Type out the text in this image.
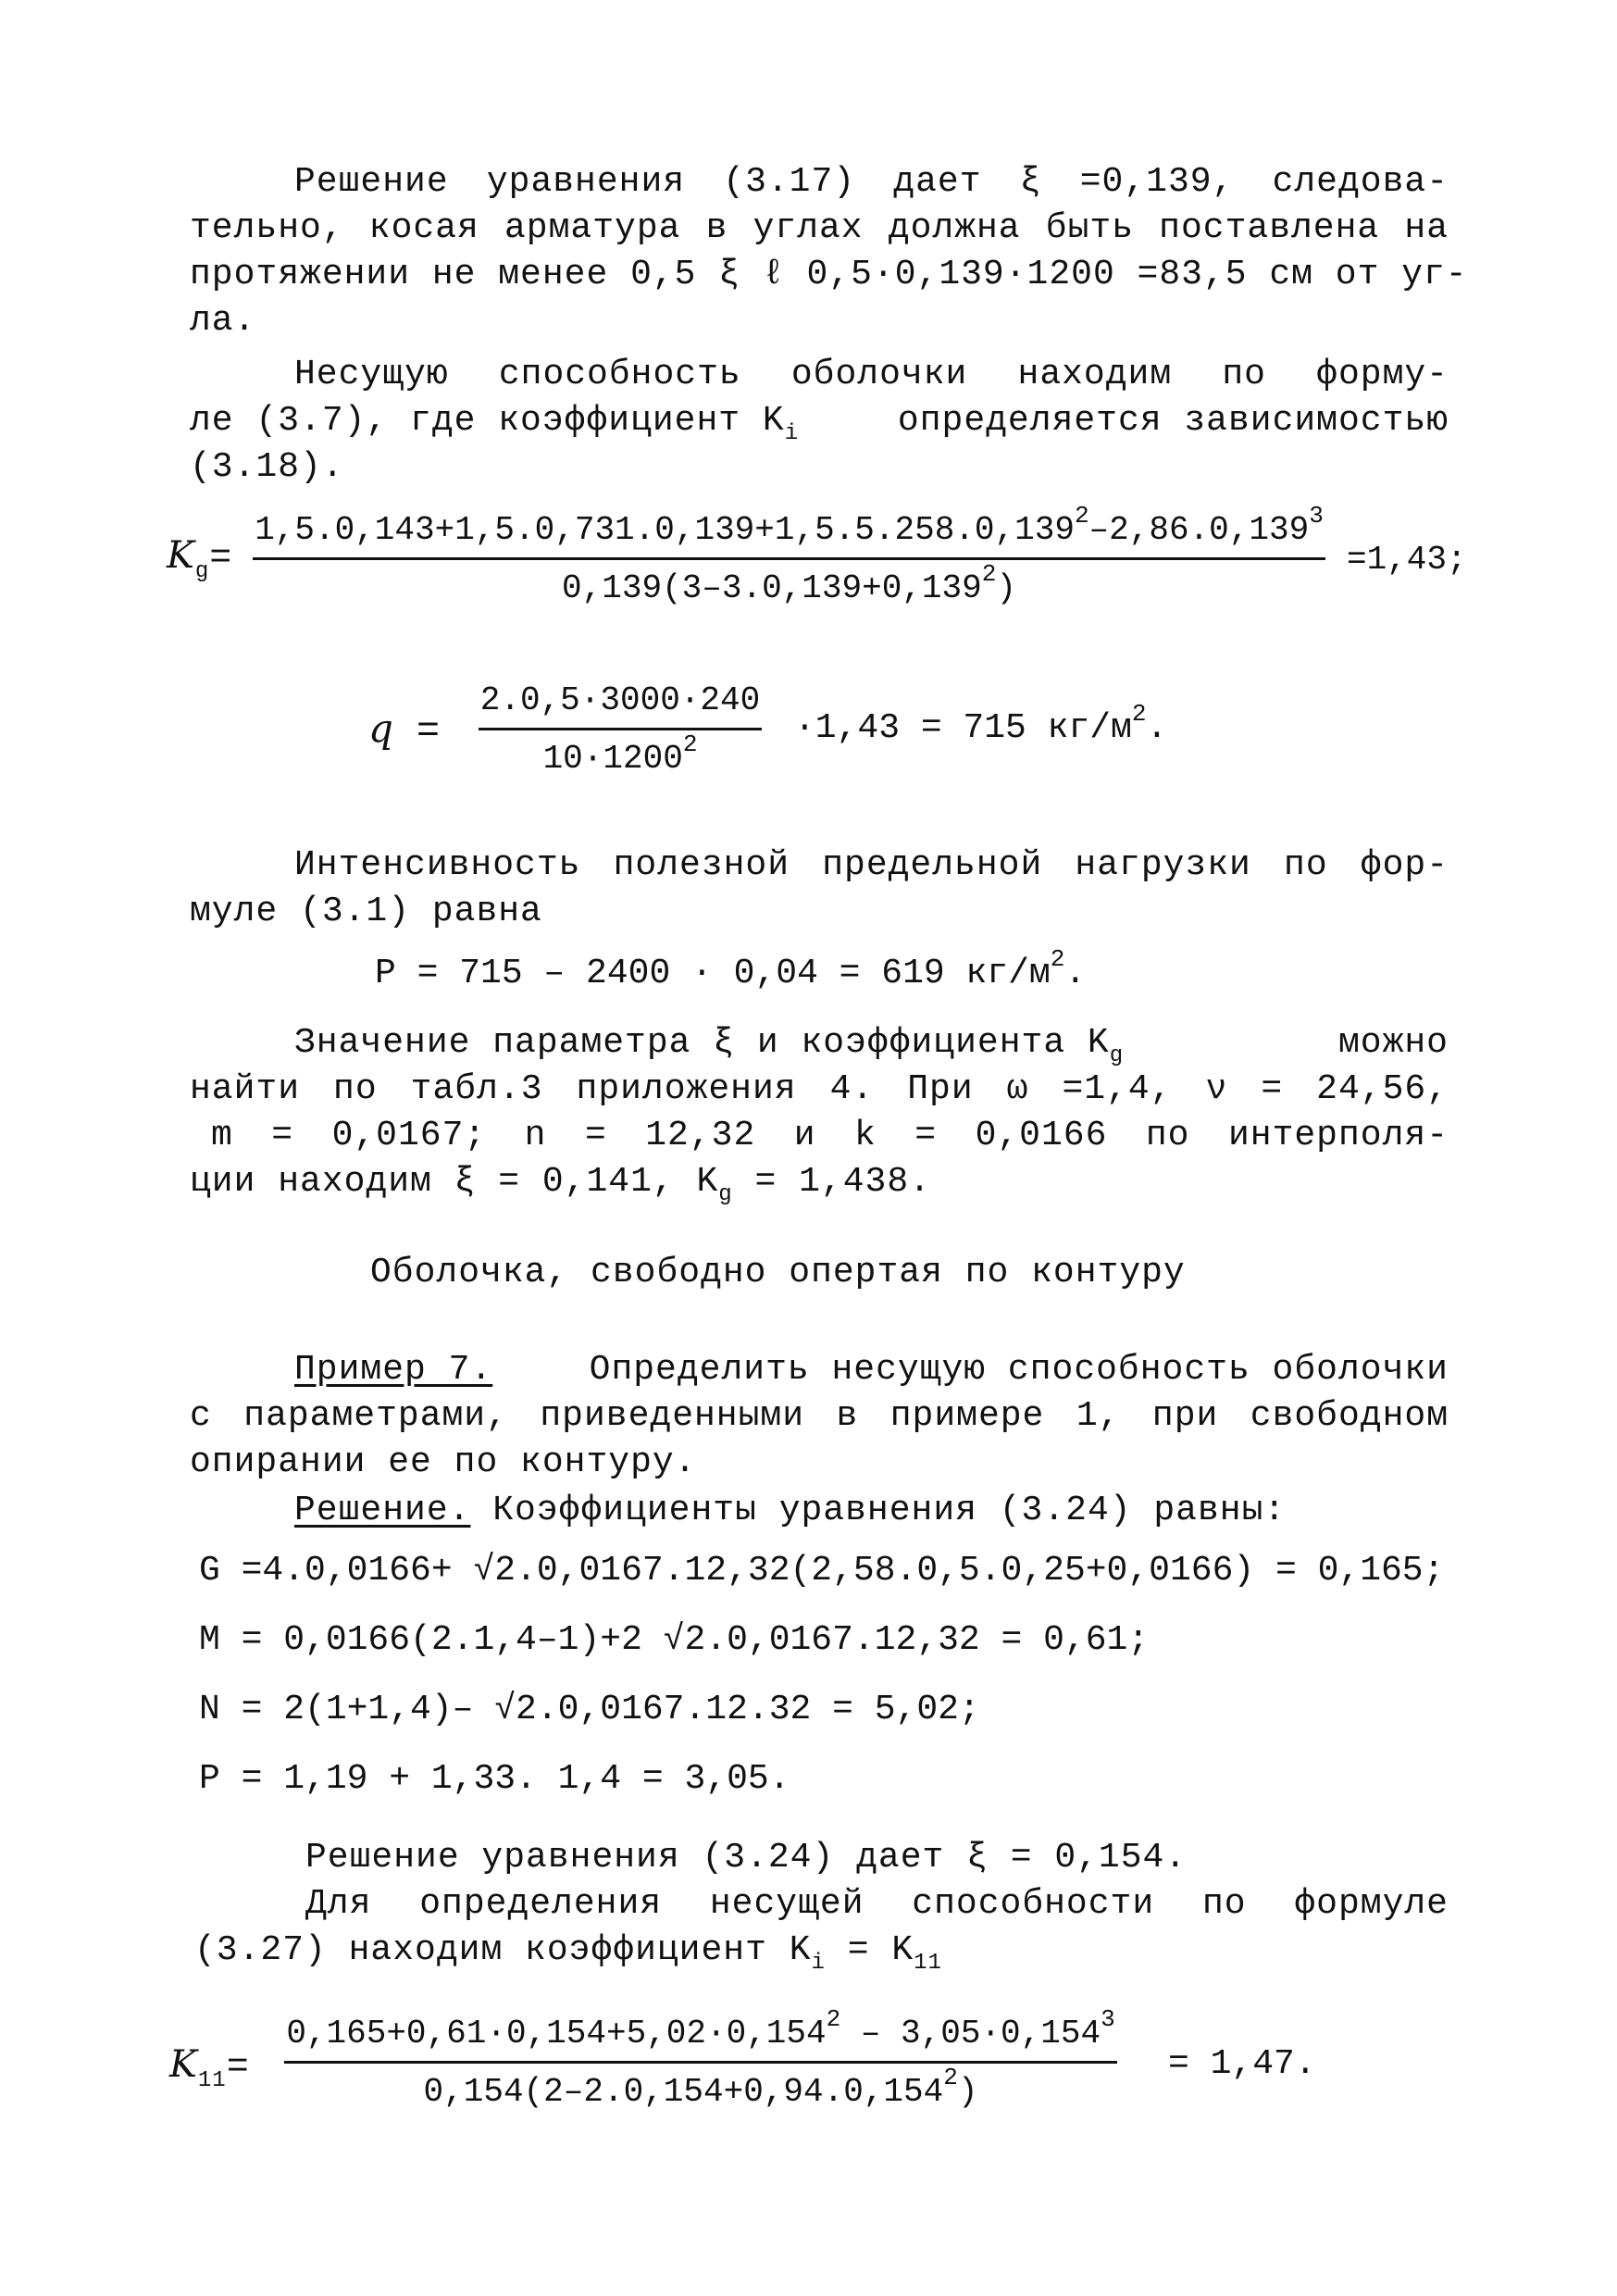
Решение уравнения (3.17) дает ξ =0,139, следова-
тельно, косая арматура в углах должна быть поставлена на
протяжении не менее 0,5 ξ ℓ 0,5·0,139·1200 =83,5 см от уг-
ла.
Несущую способность оболочки находим по форму-
ле (3.7), где коэффициент $K_i$	определяется зависимостью
(3.18).
$K_g= \frac{1,5.0,143+1,5.0,731.0,139+1,5.5.258.0,139^2-2,86.0,139^3}{0,139(3-3.0,139+0,139^2)} =1,43$;
$q = \frac{2.0,5\cdot 3000\cdot 240}{10\cdot 1200^2} \cdot 1,43 = 715$ $кг/м^2$.
Интенсивность полезной предельной нагрузки по фор-
муле (3.1) равна
P = 715 – 2400 · 0,04 = 619 $кг/м^2$.
Значение параметра ξ и коэффициента $K_g$	можно
найти по табл.3 приложения 4. При ω =1,4, ν = 24,56,
m = 0,0167; n = 12,32 и k = 0,0166 по интерполя-
ции находим ξ = 0,141, $K_g = 1,438$.
Оболочка, свободно опертая по контуру
Пример 7.	Определить несущую способность оболочки
с параметрами, приведенными в примере 1, при свободном
опирании ее по контуру.
Решение. Коэффициенты уравнения (3.24) равны:
G =4.0,0166+ √2.0,0167.12,32(2,58.0,5.0,25+0,0166) = 0,165;
M = 0,0166(2.1,4–1)+2 √2.0,0167.12,32 = 0,61;
N = 2(1+1,4)– √2.0,0167.12.32 = 5,02;
P = 1,19 + 1,33. 1,4 = 3,05.
Решение уравнения (3.24) дает ξ = 0,154.
Для определения несущей способности по формуле
(3.27) находим коэффициент $K_i = K_{11}$
$K_{11}=$
$\frac{0,165+0,61\cdot 0,154+5,02\cdot 0,154^2 - 3,05\cdot 0,154^3}{0,154(2-2.0,154+0,94.0,154^2)} = 1,47$.
